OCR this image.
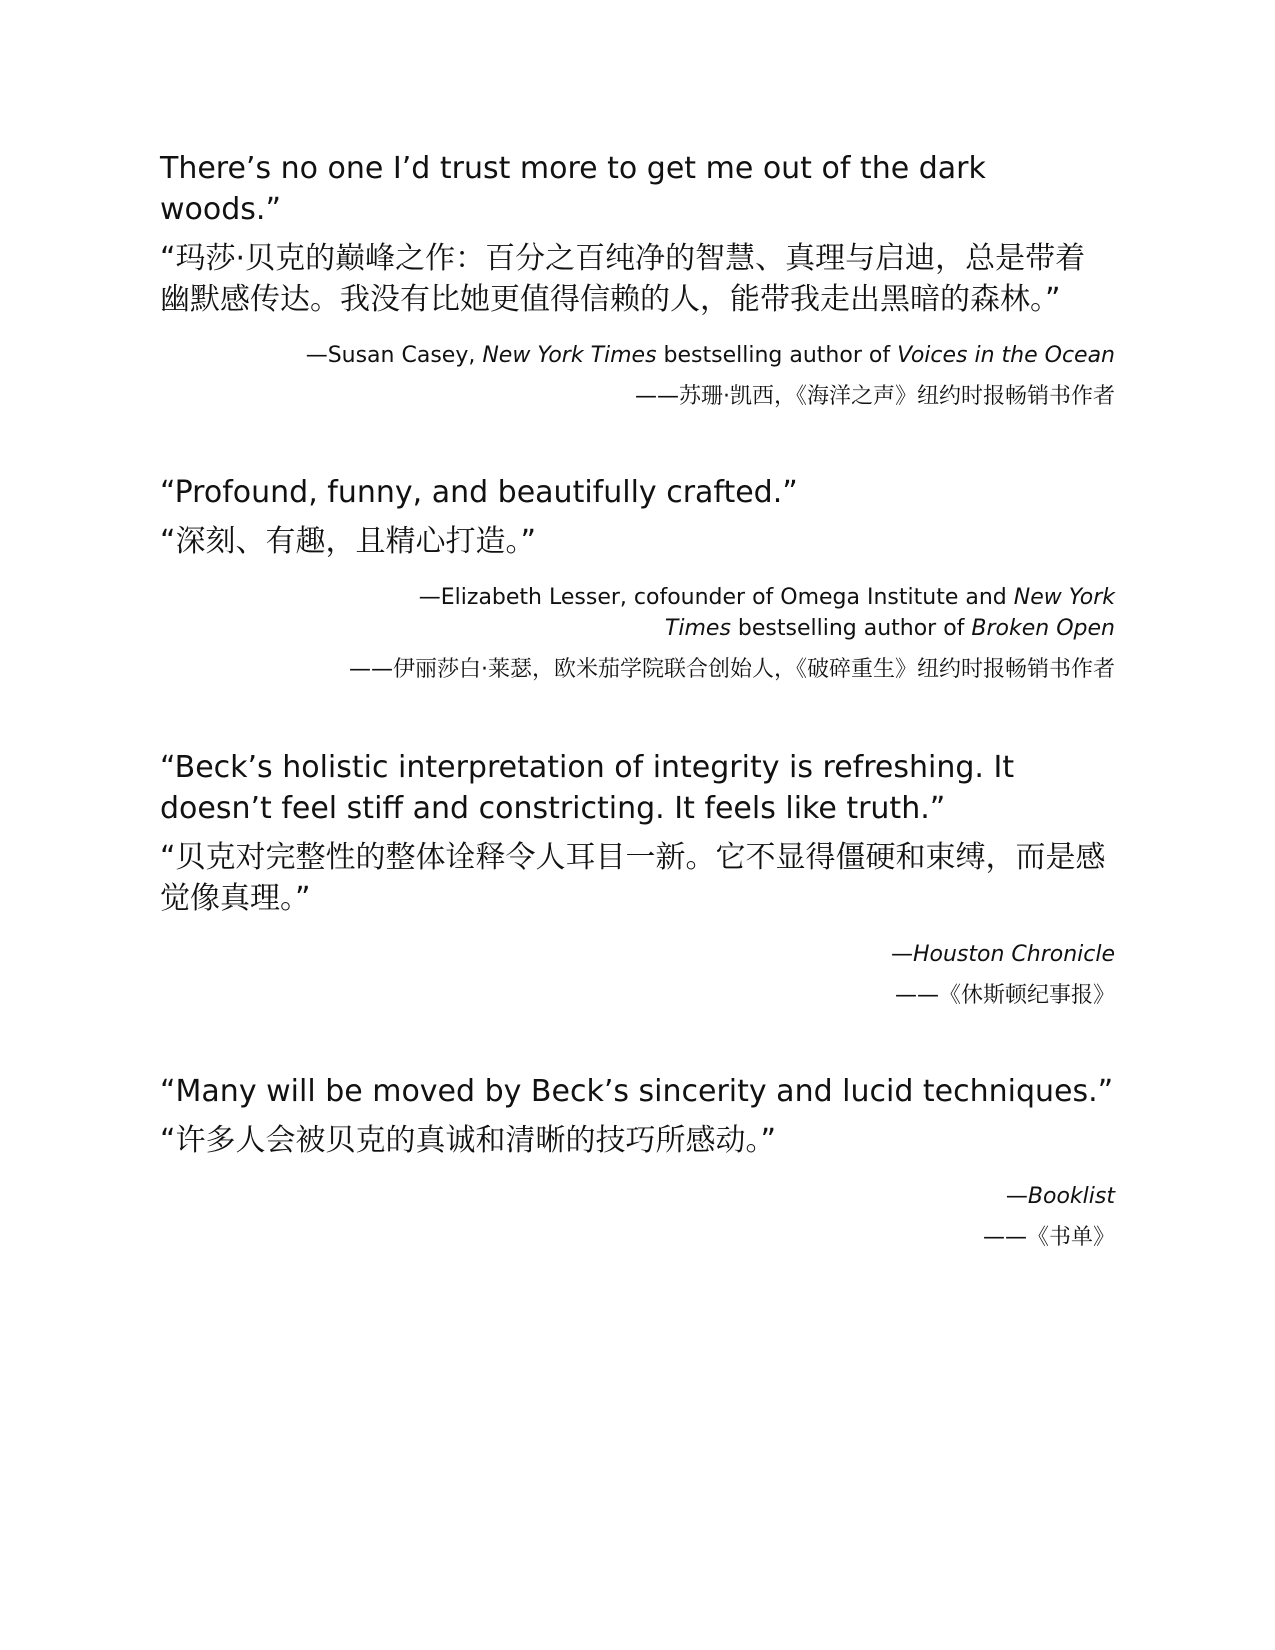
There’s no one I’d trust more to get me out of the dark woods.”

“玛莎·贝克的巅峰之作：百分之百纯净的智慧、真理与启迪，总是带着幽默感传达。我没有比她更值得信赖的人，能带我走出黑暗的森林。”

—Susan Casey, New York Times bestselling author of Voices in the Ocean

——苏珊·凯西，《海洋之声》纽约时报畅销书作者

“Profound, funny, and beautifully crafted.”

“深刻、有趣，且精心打造。”

—Elizabeth Lesser, cofounder of Omega Institute and New York Times bestselling author of Broken Open

——伊丽莎白·莱瑟，欧米茄学院联合创始人，《破碎重生》纽约时报畅销书作者

“Beck’s holistic interpretation of integrity is refreshing. It doesn’t feel stiff and constricting. It feels like truth.”

“贝克对完整性的整体诠释令人耳目一新。它不显得僵硬和束缚，而是感觉像真理。”

—Houston Chronicle

——《休斯顿纪事报》

“Many will be moved by Beck’s sincerity and lucid techniques.”

“许多人会被贝克的真诚和清晰的技巧所感动。”

—Booklist

——《书单》
